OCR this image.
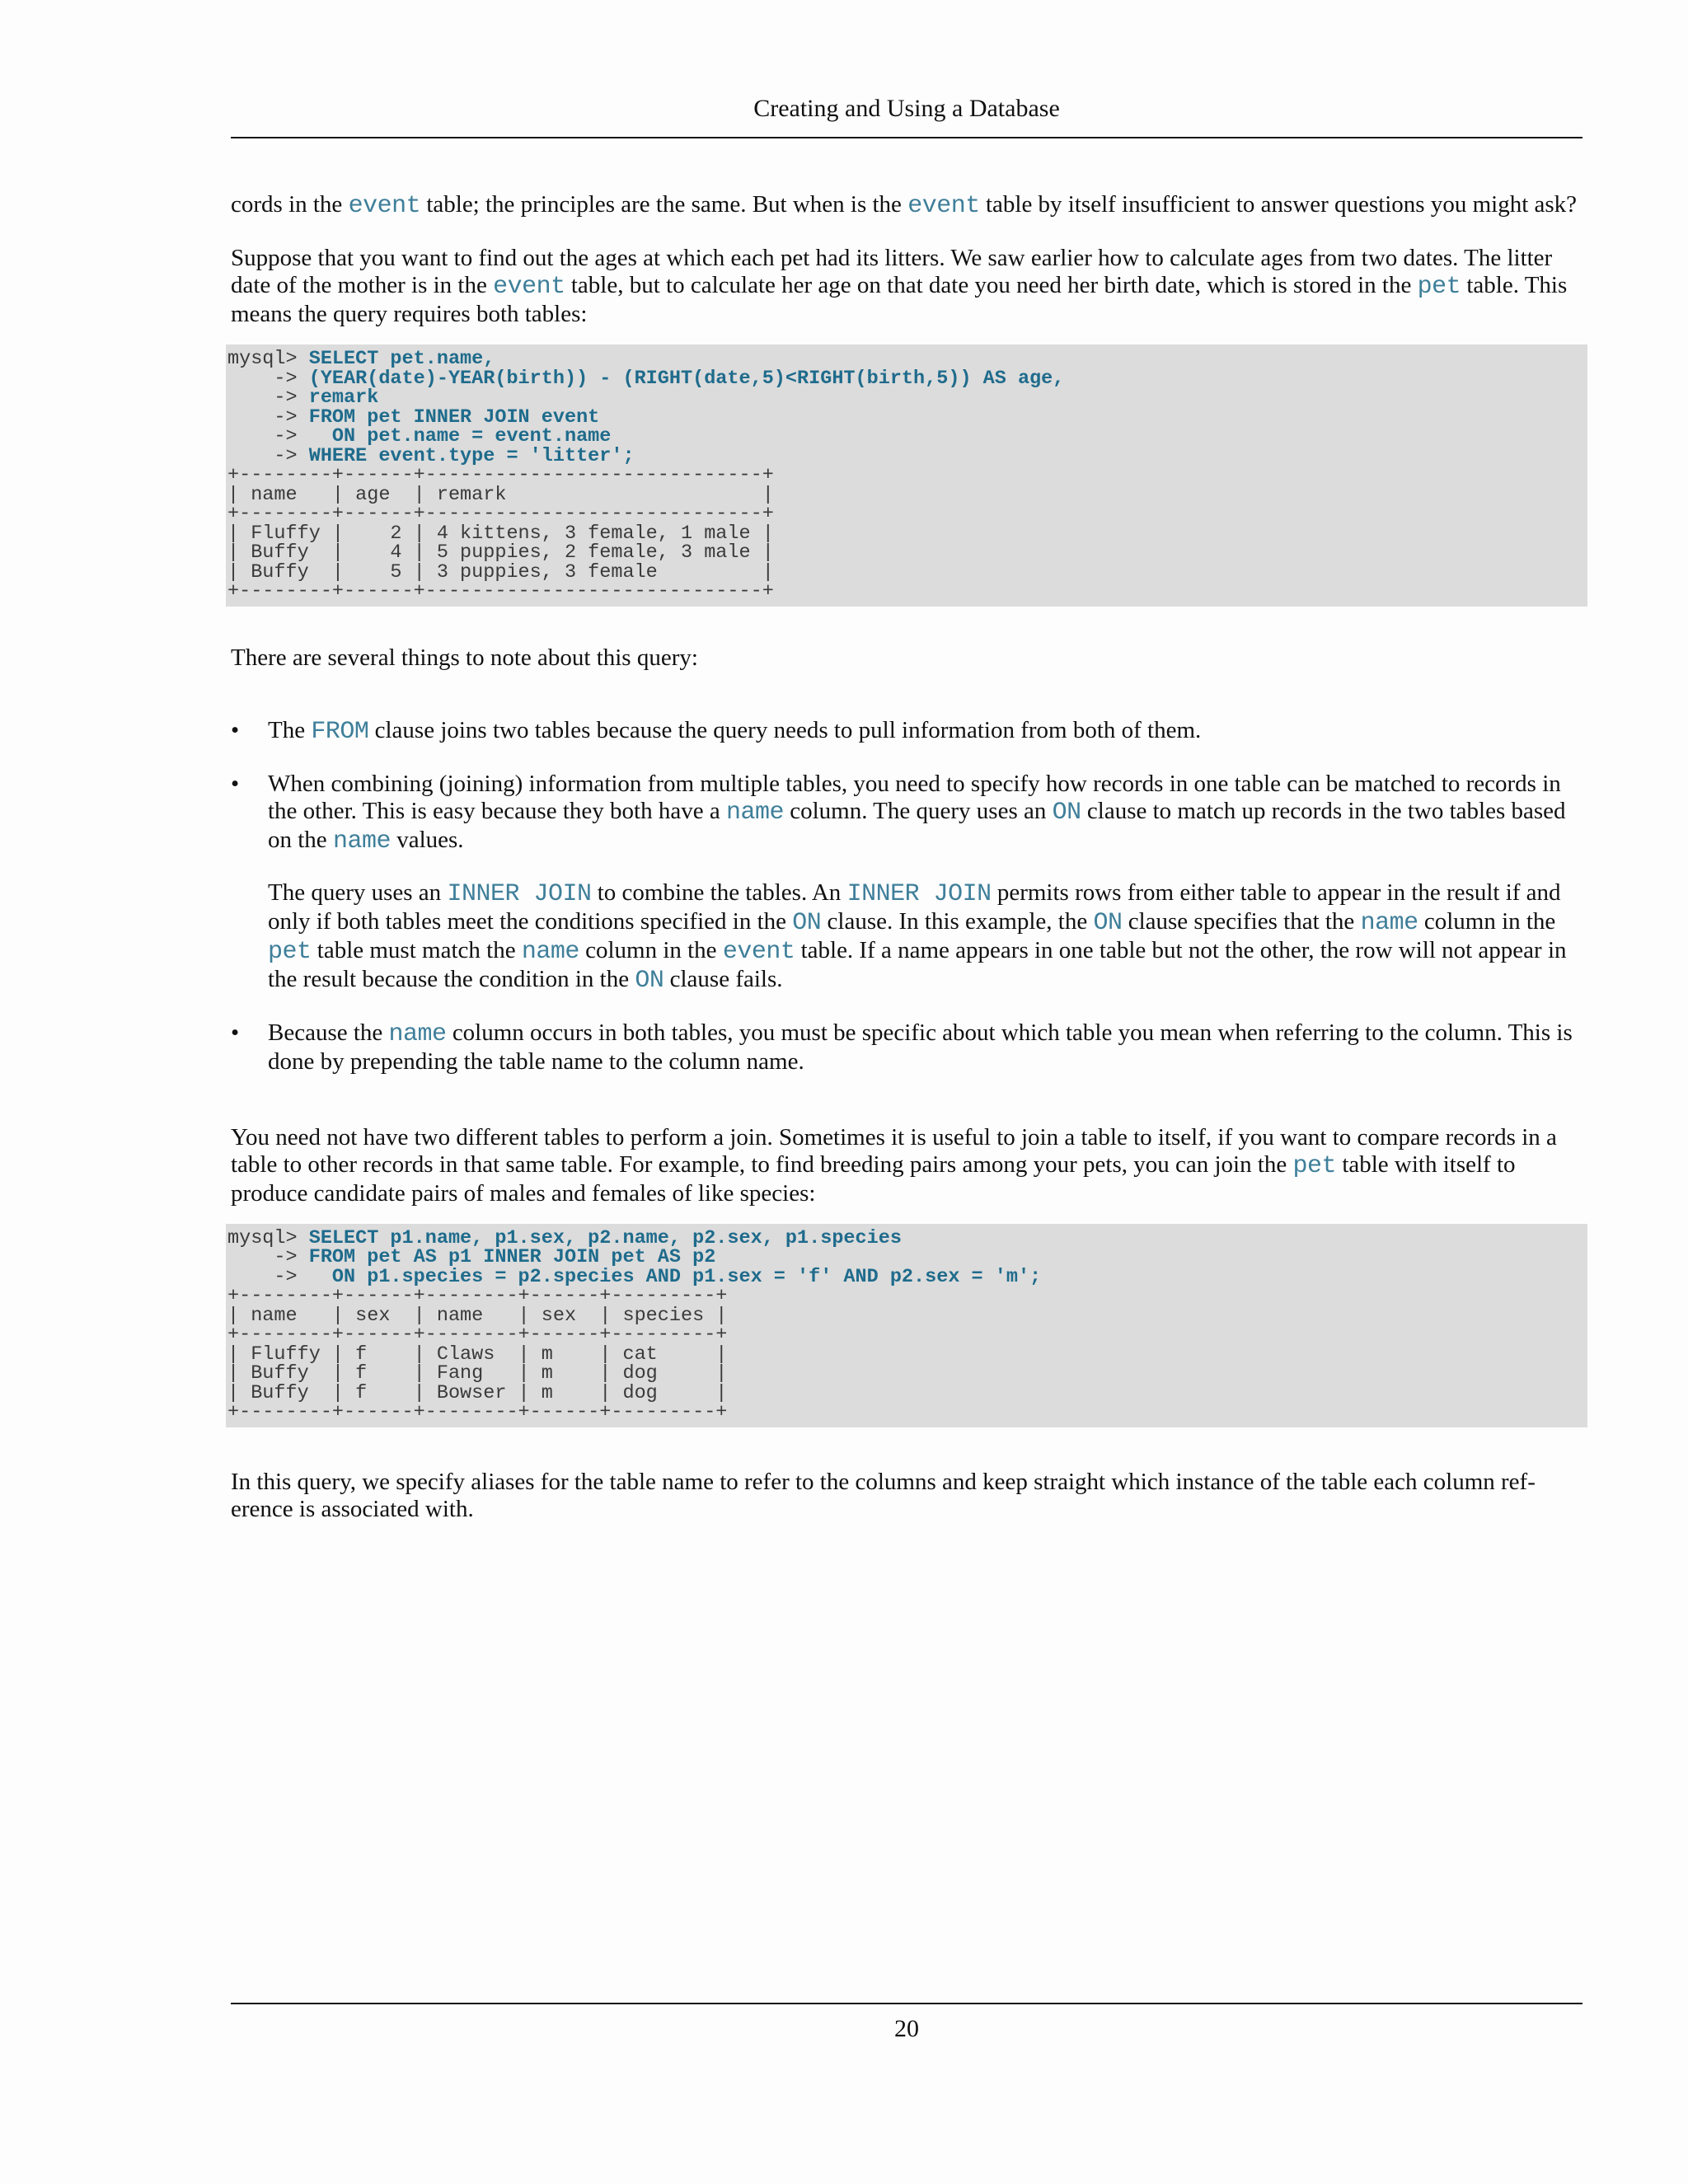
Creating and Using a Database

cords in the event table; the principles are the same. But when is the event table by itself insufficient to answer questions you might ask?

Suppose that you want to find out the ages at which each pet had its litters. We saw earlier how to calculate ages from two dates. The litter date of the mother is in the event table, but to calculate her age on that date you need her birth date, which is stored in the pet table. This means the query requires both tables:

mysql> SELECT pet.name,
-> (YEAR(date)-YEAR(birth)) - (RIGHT(date,5)<RIGHT(birth,5)) AS age,
-> remark
-> FROM pet INNER JOIN event
->   ON pet.name = event.name
-> WHERE event.type = 'litter';
+--------+------+-----------------------------+
| name   | age  | remark                      |
+--------+------+-----------------------------+
| Fluffy |    2 | 4 kittens, 3 female, 1 male |
| Buffy  |    4 | 5 puppies, 2 female, 3 male |
| Buffy  |    5 | 3 puppies, 3 female         |
+--------+------+-----------------------------+

There are several things to note about this query:

• The FROM clause joins two tables because the query needs to pull information from both of them.

• When combining (joining) information from multiple tables, you need to specify how records in one table can be matched to records in the other. This is easy because they both have a name column. The query uses an ON clause to match up records in the two tables based on the name values.

The query uses an INNER JOIN to combine the tables. An INNER JOIN permits rows from either table to appear in the result if and only if both tables meet the conditions specified in the ON clause. In this example, the ON clause specifies that the name column in the pet table must match the name column in the event table. If a name appears in one table but not the other, the row will not appear in the result because the condition in the ON clause fails.

• Because the name column occurs in both tables, you must be specific about which table you mean when referring to the column. This is done by prepending the table name to the column name.

You need not have two different tables to perform a join. Sometimes it is useful to join a table to itself, if you want to compare records in a table to other records in that same table. For example, to find breeding pairs among your pets, you can join the pet table with itself to produce candidate pairs of males and females of like species:

mysql> SELECT p1.name, p1.sex, p2.name, p2.sex, p1.species
-> FROM pet AS p1 INNER JOIN pet AS p2
->   ON p1.species = p2.species AND p1.sex = 'f' AND p2.sex = 'm';
+--------+------+--------+------+---------+
| name   | sex  | name   | sex  | species |
+--------+------+--------+------+---------+
| Fluffy | f    | Claws  | m    | cat     |
| Buffy  | f    | Fang   | m    | dog     |
| Buffy  | f    | Bowser | m    | dog     |
+--------+------+--------+------+---------+

In this query, we specify aliases for the table name to refer to the columns and keep straight which instance of the table each column ref-erence is associated with.

20
